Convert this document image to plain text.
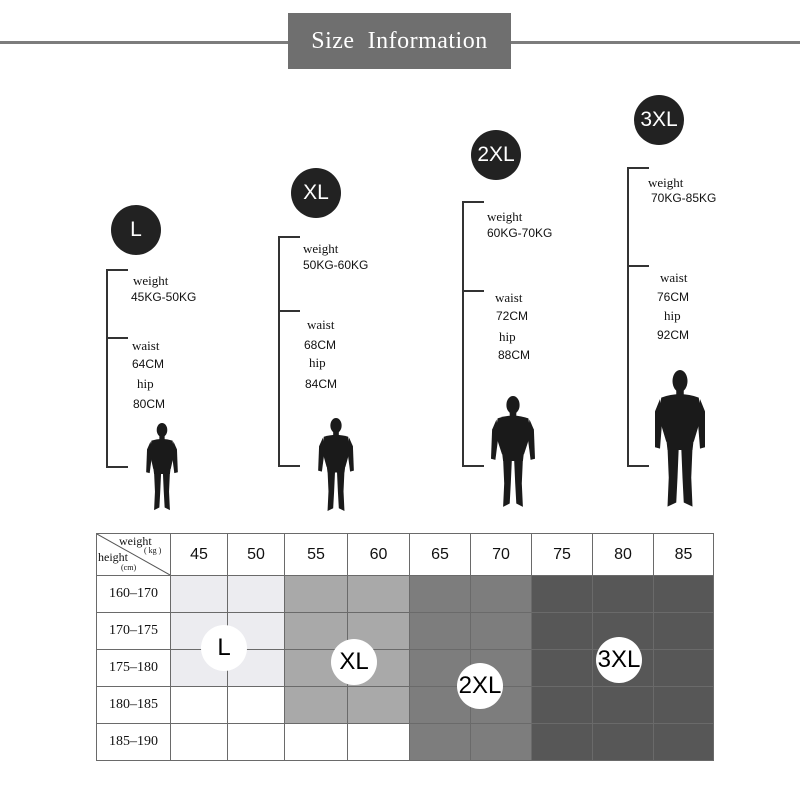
Size  Information
L
weight
45KG-50KG
waist
64CM
hip
80CM
XL
weight
50KG-60KG
waist
68CM
hip
84CM
2XL
weight
60KG-70KG
waist
72CM
hip
88CM
3XL
weight
70KG-85KG
waist
76CM
hip
92CM
weight
( kg )
height
(cm)	45	50	55	60	65	70	75	80	85
160–170									
170–175									
175–180									
180–185									
185–190									
L
XL
2XL
3XL
